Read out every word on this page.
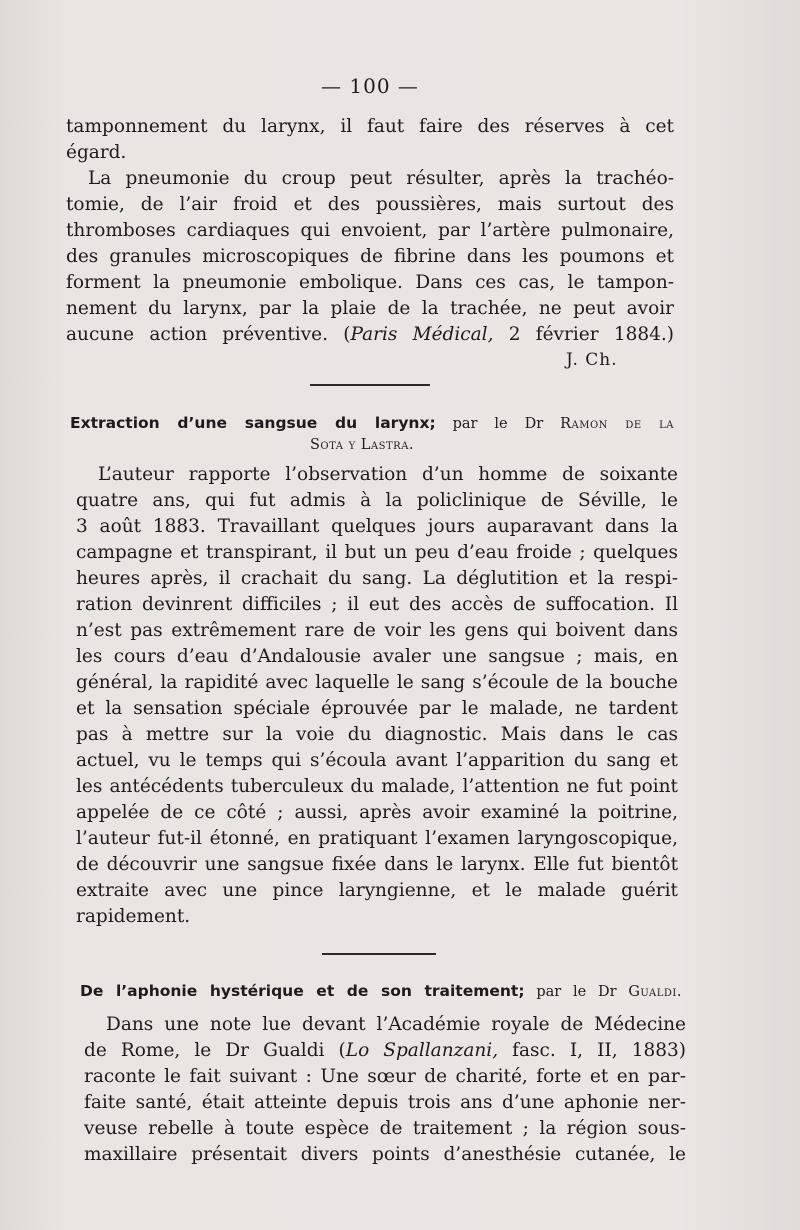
— 100 —
tamponnement du larynx, il faut faire des réserves à cet
égard.
La pneumonie du croup peut résulter, après la trachéo-
tomie, de l’air froid et des poussières, mais surtout des
thromboses cardiaques qui envoient, par l’artère pulmonaire,
des granules microscopiques de fibrine dans les poumons et
forment la pneumonie embolique. Dans ces cas, le tampon-
nement du larynx, par la plaie de la trachée, ne peut avoir
aucune action préventive. (Paris Médical, 2 février 1884.)
J. Ch.
Extraction d’une sangsue du larynx; par le Dr Ramon de la
Sota y Lastra.
L’auteur rapporte l’observation d’un homme de soixante
quatre ans, qui fut admis à la policlinique de Séville, le
3 août 1883. Travaillant quelques jours auparavant dans la
campagne et transpirant, il but un peu d’eau froide ; quelques
heures après, il crachait du sang. La déglutition et la respi-
ration devinrent difficiles ; il eut des accès de suffocation. Il
n’est pas extrêmement rare de voir les gens qui boivent dans
les cours d’eau d’Andalousie avaler une sangsue ; mais, en
général, la rapidité avec laquelle le sang s’écoule de la bouche
et la sensation spéciale éprouvée par le malade, ne tardent
pas à mettre sur la voie du diagnostic. Mais dans le cas
actuel, vu le temps qui s’écoula avant l’apparition du sang et
les antécédents tuberculeux du malade, l’attention ne fut point
appelée de ce côté ; aussi, après avoir examiné la poitrine,
l’auteur fut-il étonné, en pratiquant l’examen laryngoscopique,
de découvrir une sangsue fixée dans le larynx. Elle fut bientôt
extraite avec une pince laryngienne, et le malade guérit
rapidement.
De l’aphonie hystérique et de son traitement; par le Dr Gualdi.
Dans une note lue devant l’Académie royale de Médecine
de Rome, le Dr Gualdi (Lo Spallanzani, fasc. I, II, 1883)
raconte le fait suivant : Une sœur de charité, forte et en par-
faite santé, était atteinte depuis trois ans d’une aphonie ner-
veuse rebelle à toute espèce de traitement ; la région sous-
maxillaire présentait divers points d’anesthésie cutanée, le
